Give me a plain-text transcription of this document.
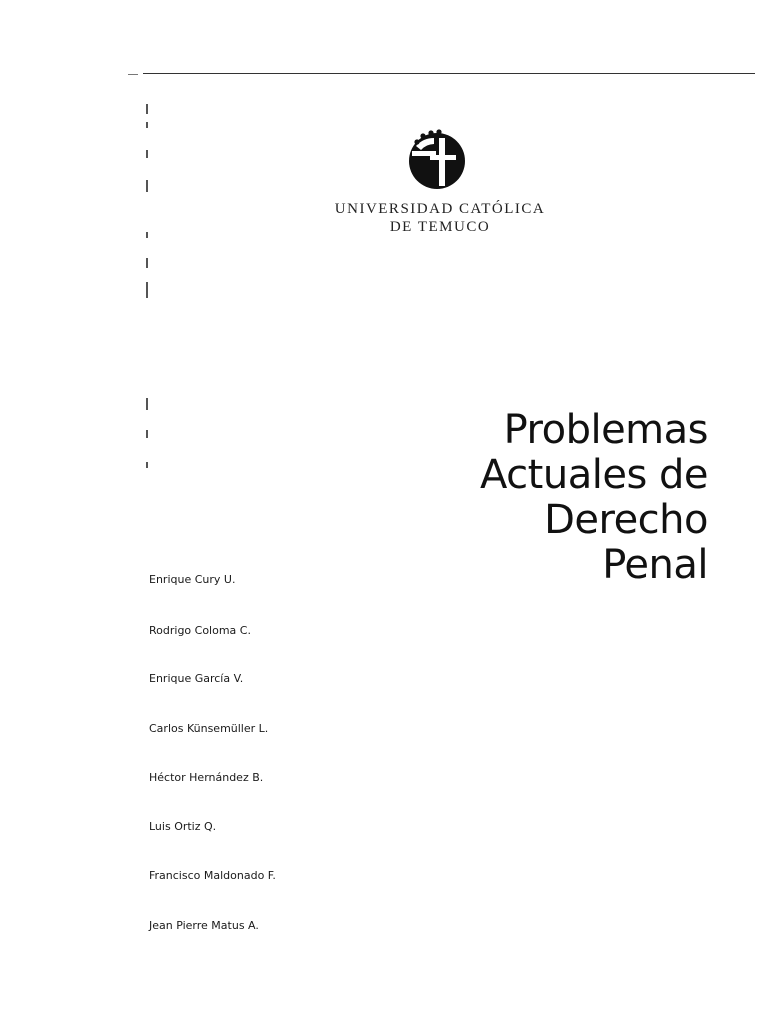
UNIVERSIDAD CATÓLICA
DE TEMUCO
Problemas
Actuales de
Derecho
Penal
Enrique Cury U.
Rodrigo Coloma C.
Enrique García V.
Carlos Künsemüller L.
Héctor Hernández B.
Luis Ortiz Q.
Francisco Maldonado F.
Jean Pierre Matus A.
